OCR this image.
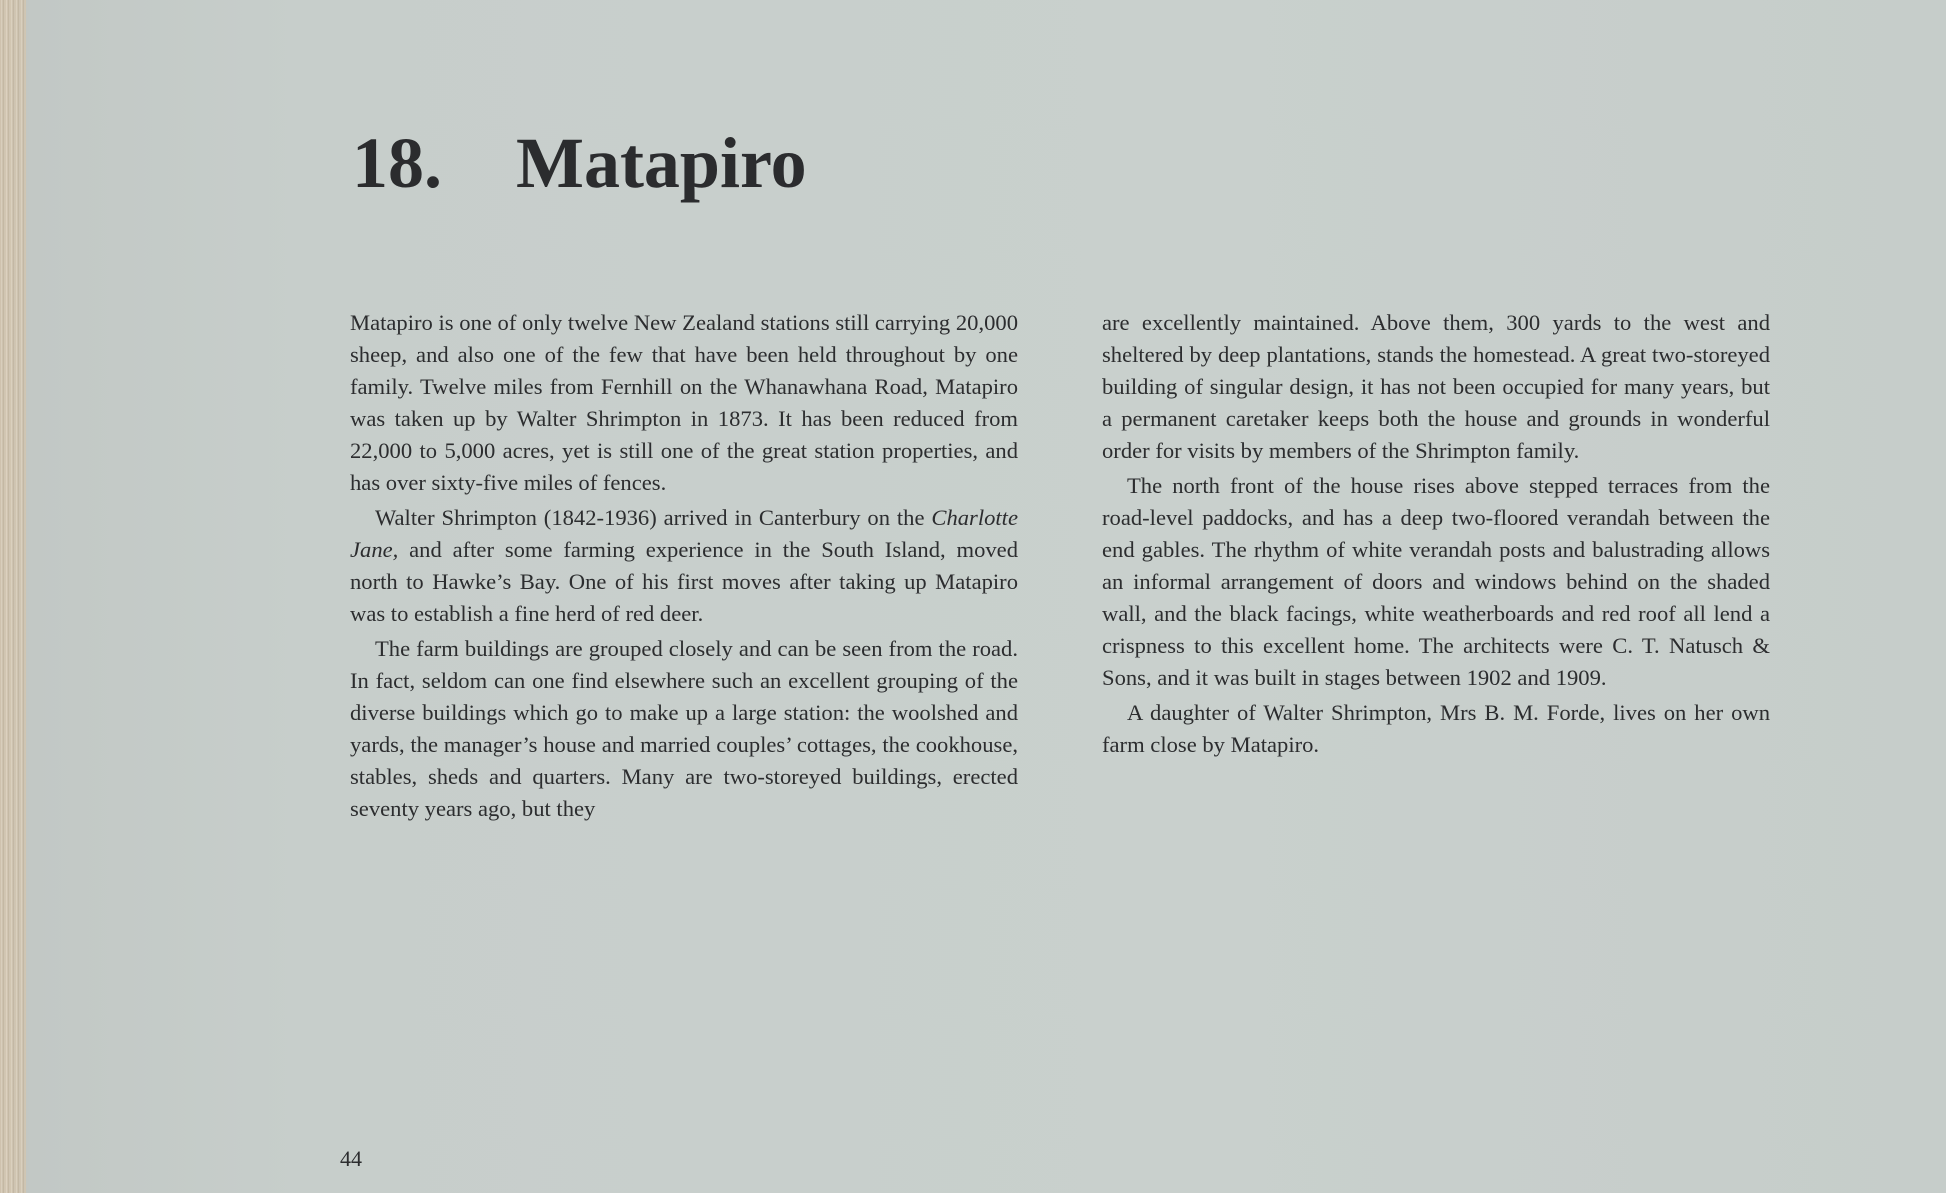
18. Matapiro

Matapiro is one of only twelve New Zealand stations still carrying 20,000 sheep, and also one of the few that have been held throughout by one family. Twelve miles from Fernhill on the Whanawhana Road, Matapiro was taken up by Walter Shrimpton in 1873. It has been reduced from 22,000 to 5,000 acres, yet is still one of the great station properties, and has over sixty-five miles of fences.

Walter Shrimpton (1842-1936) arrived in Canterbury on the Charlotte Jane, and after some farming experience in the South Island, moved north to Hawke’s Bay. One of his first moves after taking up Matapiro was to establish a fine herd of red deer.

The farm buildings are grouped closely and can be seen from the road. In fact, seldom can one find elsewhere such an excellent grouping of the diverse buildings which go to make up a large station: the woolshed and yards, the manager’s house and married couples’ cottages, the cookhouse, stables, sheds and quarters. Many are two-storeyed buildings, erected seventy years ago, but they

are excellently maintained. Above them, 300 yards to the west and sheltered by deep plantations, stands the homestead. A great two-storeyed building of singular design, it has not been occupied for many years, but a permanent caretaker keeps both the house and grounds in wonderful order for visits by members of the Shrimpton family.

The north front of the house rises above stepped terraces from the road-level paddocks, and has a deep two-floored verandah between the end gables. The rhythm of white verandah posts and balustrading allows an informal arrangement of doors and windows behind on the shaded wall, and the black facings, white weatherboards and red roof all lend a crispness to this excellent home. The architects were C. T. Natusch & Sons, and it was built in stages between 1902 and 1909.

A daughter of Walter Shrimpton, Mrs B. M. Forde, lives on her own farm close by Matapiro.

44
